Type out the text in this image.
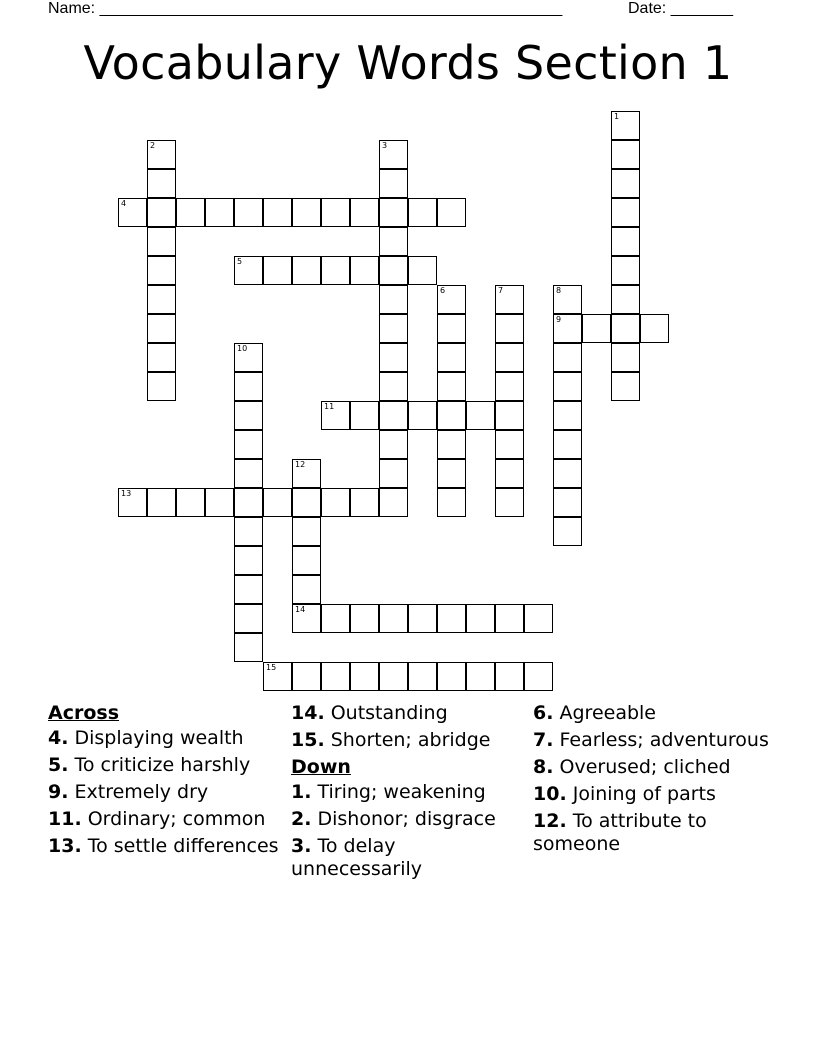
Name: ____________________________________________________	Date: _______
Vocabulary Words Section 1
1
2	3
4
5
6	7	8
9
10
11
12
14
13
15
Across

4. Displaying wealth

5. To criticize harshly

9. Extremely dry

11. Ordinary; common

13. To settle differences

14. Outstanding

15. Shorten; abridge

Down

1. Tiring; weakening

2. Dishonor; disgrace

3. To delay unnecessarily

6. Agreeable

7. Fearless; adventurous

8. Overused; cliched

10. Joining of parts

12. To attribute to someone
